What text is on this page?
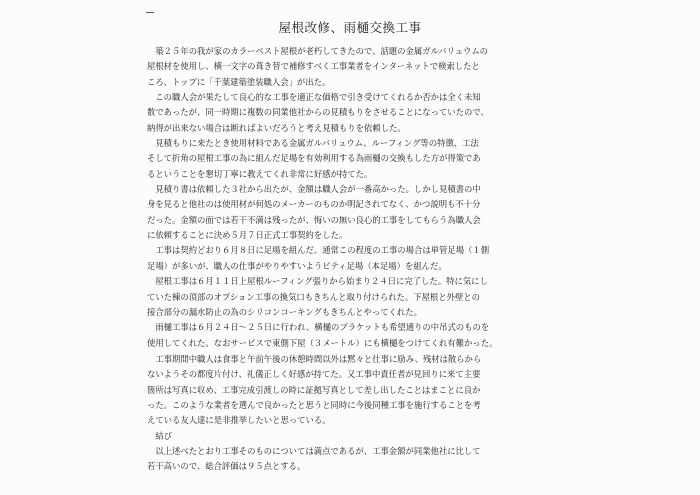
屋根改修、雨樋交換工事
　築２５年の我が家のカラーベスト屋根が老朽してきたので、話題の金属ガルバリュウムの
屋根材を使用し、横一文字の葺き替で補修すべく工事業者をインターネットで検索したと
ころ、トップに「千葉建築塗装職人会」が出た。
　この職人会が果たして良心的な工事を適正な価格で引き受けてくれるか否かは全く未知
数であったが、同一時期に複数の同業他社からの見積もりをさせることになっていたので、
納得が出来ない場合は断ればよいだろうと考え見積もりを依頼した。
　見積もりに来たとき使用材料である金属ガルバリュウム、ルーフィング等の特徴、工法
そして折角の屋根工事の為に組んだ足場を有効利用する為雨樋の交換もした方が得策であ
るということを懇切丁寧に教えてくれ非常に好感が持てた。
　見積り書は依頼した３社から出たが、金額は職人会が一番高かった。しかし見積書の中
身を見ると他社のは使用材が何処のメーカーのものか明記されてなく、かつ説明も不十分
だった。金額の面では若干不満は残ったが、悔いの無い良心的工事をしてもらう為職人会
に依頼することに決め５月７日正式工事契約をした。
　工事は契約どおり６月８日に足場を組んだ。通常この程度の工事の場合は単管足場（１側
足場）が多いが、職人の仕事がやりやすいようビティ足場（本足場）を組んだ。
　屋根工事は６月１１日上屋根ルーフィング張りから始まり２４日に完了した。特に気にし
ていた棟の頂部のオプション工事の換気口もきちんと取り付けられた。下屋根と外壁との
接合部分の漏水防止の為のシリコンコーキングもきちんとやってくれた。
　雨樋工事は６月２４日～２５日に行われ、横樋のブラケットも希望通りの中吊式のものを
使用してくれた。なおサービスで東側下屋（３メートル）にも横樋をつけてくれ有難かった。
　工事期間中職人は食事と午前午後の休憩時間以外は黙々と仕事に励み、残材は散らから
ないようその都度片付け、礼儀正しく好感が持てた。又工事中責任者が見回りに来て主要
箇所は写真に収め、工事完成引渡しの時に証拠写真として差し出したことはまことに良か
った。このような業者を選んで良かったと思うと同時に今後同種工事を施行することを考
えている友人達に是非推挙したいと思っている。
　結び
　以上述べたとおり工事そのものについては満点であるが、工事金額が同業他社に比して
若干高いので、総合評価は９５点とする。
